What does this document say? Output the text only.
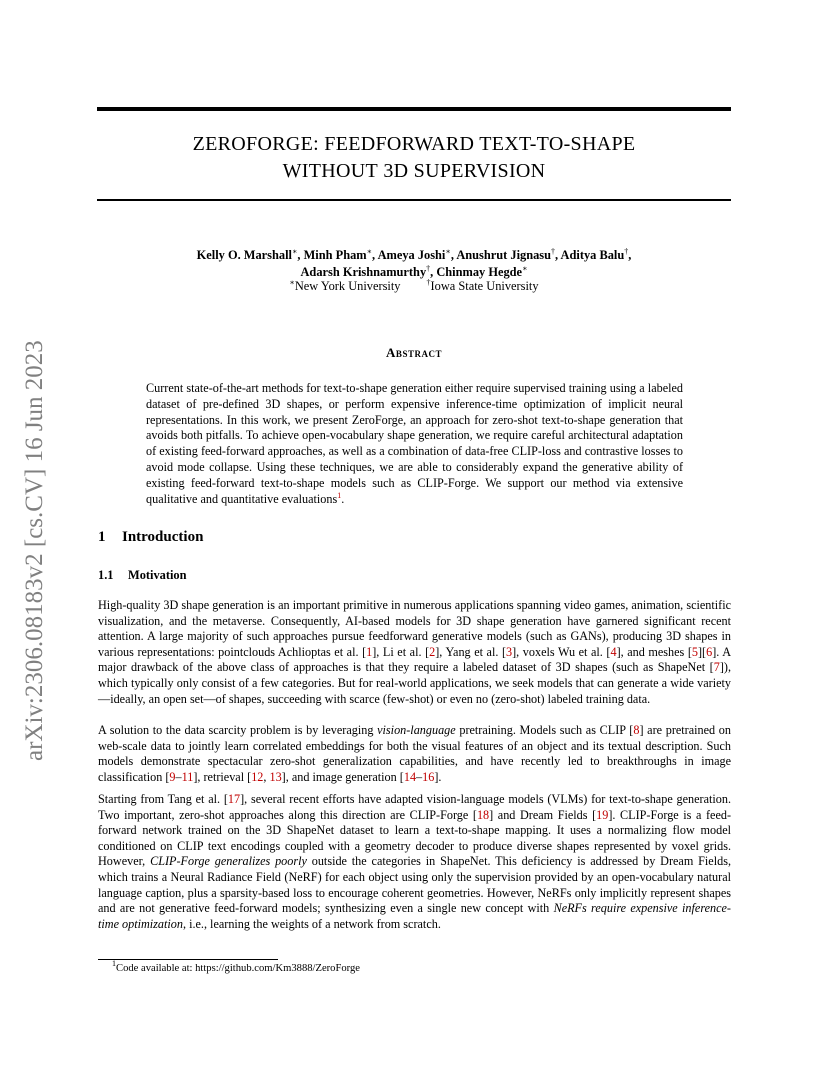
arXiv:2306.08183v2 [cs.CV] 16 Jun 2023
ZEROFORGE: FEEDFORWARD TEXT-TO-SHAPE
WITHOUT 3D SUPERVISION
Kelly O. Marshall∗, Minh Pham∗, Ameya Joshi∗, Anushrut Jignasu†, Aditya Balu†,
Adarsh Krishnamurthy†, Chinmay Hegde∗
∗New York University	†Iowa State University
Abstract
Current state-of-the-art methods for text-to-shape generation either require supervised training using a labeled dataset of pre-defined 3D shapes, or perform expensive inference-time optimization of implicit neural representations. In this work, we present ZeroForge, an approach for zero-shot text-to-shape generation that avoids both pitfalls. To achieve open-vocabulary shape generation, we require careful architectural adaptation of existing feed-forward approaches, as well as a combination of data-free CLIP-loss and contrastive losses to avoid mode collapse. Using these techniques, we are able to considerably expand the generative ability of existing feed-forward text-to-shape models such as CLIP-Forge. We support our method via extensive qualitative and quantitative evaluations$^1$.
1 Introduction
1.1 Motivation
High-quality 3D shape generation is an important primitive in numerous applications spanning video games, animation, scientific visualization, and the metaverse. Consequently, AI-based models for 3D shape generation have garnered significant recent attention. A large majority of such approaches pursue feedforward generative models (such as GANs), producing 3D shapes in various representations: pointclouds Achlioptas et al. [1], Li et al. [2], Yang et al. [3], voxels Wu et al. [4], and meshes [5][6]. A major drawback of the above class of approaches is that they require a labeled dataset of 3D shapes (such as ShapeNet [7]), which typically only consist of a few categories. But for real-world applications, we seek models that can generate a wide variety—ideally, an open set—of shapes, succeeding with scarce (few-shot) or even no (zero-shot) labeled training data.
A solution to the data scarcity problem is by leveraging vision-language pretraining. Models such as CLIP [8] are pretrained on web-scale data to jointly learn correlated embeddings for both the visual features of an object and its textual description. Such models demonstrate spectacular zero-shot generalization capabilities, and have recently led to breakthroughs in image classification [9–11], retrieval [12, 13], and image generation [14–16].
Starting from Tang et al. [17], several recent efforts have adapted vision-language models (VLMs) for text-to-shape generation. Two important, zero-shot approaches along this direction are CLIP-Forge [18] and Dream Fields [19]. CLIP-Forge is a feed-forward network trained on the 3D ShapeNet dataset to learn a text-to-shape mapping. It uses a normalizing flow model conditioned on CLIP text encodings coupled with a geometry decoder to produce diverse shapes represented by voxel grids. However, CLIP-Forge generalizes poorly outside the categories in ShapeNet. This deficiency is addressed by Dream Fields, which trains a Neural Radiance Field (NeRF) for each object using only the supervision provided by an open-vocabulary natural language caption, plus a sparsity-based loss to encourage coherent geometries. However, NeRFs only implicitly represent shapes and are not generative feed-forward models; synthesizing even a single new concept with NeRFs require expensive inference-time optimization, i.e., learning the weights of a network from scratch.
$^1$Code available at: https://github.com/Km3888/ZeroForge
